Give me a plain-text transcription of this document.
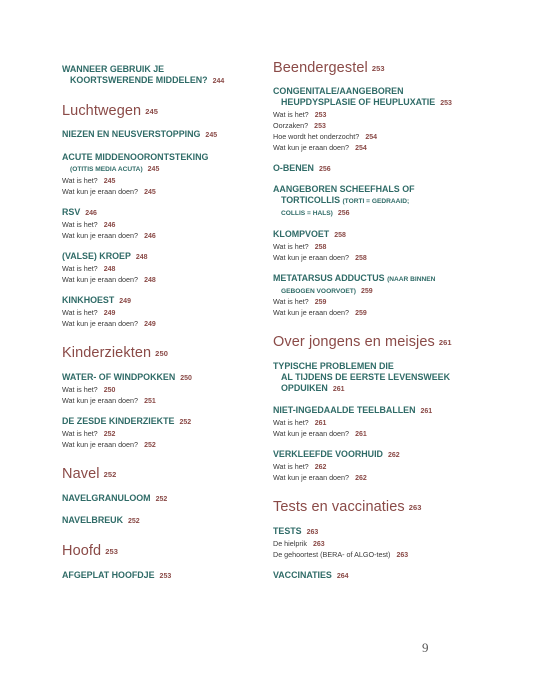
WANNEER GEBRUIK JE
KOORTSWERENDE MIDDELEN? 244
Luchtwegen 245
NIEZEN EN NEUSVERSTOPPING 245
ACUTE MIDDENOORONTSTEKING
(OTITIS MEDIA ACUTA) 245
Wat is het? 245
Wat kun je eraan doen? 245
RSV 246
Wat is het? 246
Wat kun je eraan doen? 246
(VALSE) KROEP 248
Wat is het? 248
Wat kun je eraan doen? 248
KINKHOEST 249
Wat is het? 249
Wat kun je eraan doen? 249
Kinderziekten 250
WATER- OF WINDPOKKEN 250
Wat is het? 250
Wat kun je eraan doen? 251
DE ZESDE KINDERZIEKTE 252
Wat is het? 252
Wat kun je eraan doen? 252
Navel 252
NAVELGRANULOOM 252
NAVELBREUK 252
Hoofd 253
AFGEPLAT HOOFDJE 253
Beendergestel 253
CONGENITALE/AANGEBOREN
HEUPDYSPLASIE OF HEUPLUXATIE 253
Wat is het? 253
Oorzaken? 253
Hoe wordt het onderzocht? 254
Wat kun je eraan doen? 254
O-BENEN 256
AANGEBOREN SCHEEFHALS OF
TORTICOLLIS (TORTI = GEDRAAID;
COLLIS = HALS) 256
KLOMPVOET 258
Wat is het? 258
Wat kun je eraan doen? 258
METATARSUS ADDUCTUS (NAAR BINNEN
GEBOGEN VOORVOET) 259
Wat is het? 259
Wat kun je eraan doen? 259
Over jongens en meisjes 261
TYPISCHE PROBLEMEN DIE
AL TIJDENS DE EERSTE LEVENSWEEK
OPDUIKEN 261
NIET-INGEDAALDE TEELBALLEN 261
Wat is het? 261
Wat kun je eraan doen? 261
VERKLEEFDE VOORHUID 262
Wat is het? 262
Wat kun je eraan doen? 262
Tests en vaccinaties 263
TESTS 263
De hielprik 263
De gehoortest (BERA- of ALGO-test) 263
VACCINATIES 264
9
